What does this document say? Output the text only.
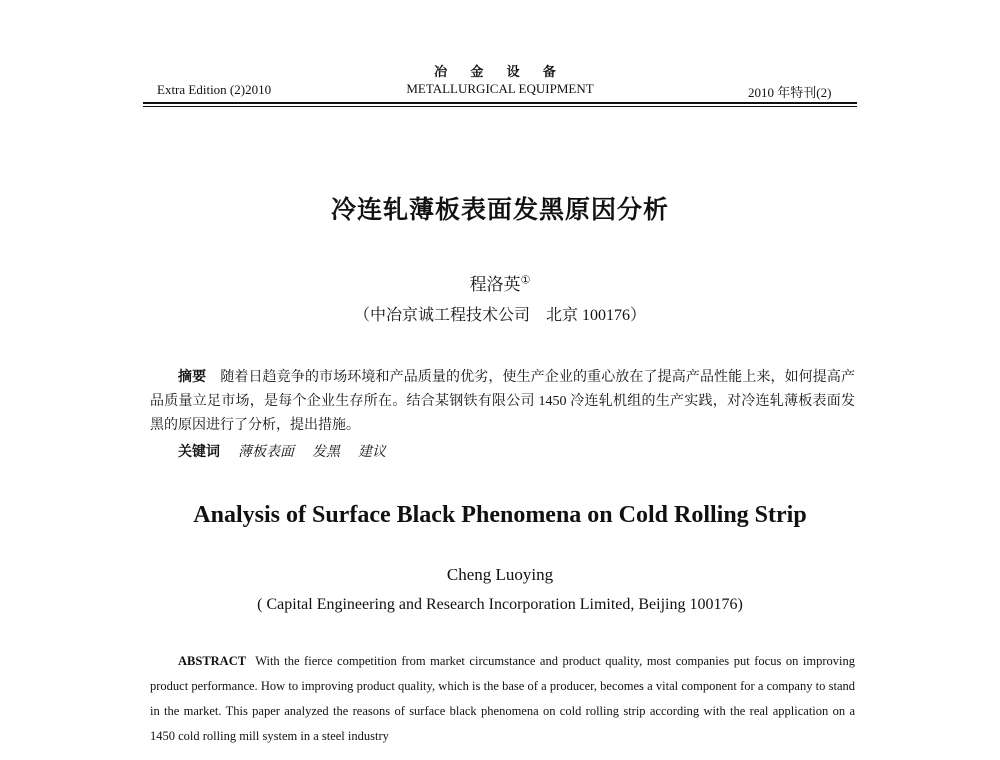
Extra Edition (2)2010
冶 金 设 备
METALLURGICAL EQUIPMENT	2010 年特刊(2)
冷连轧薄板表面发黑原因分析
程洛英①
（中冶京诚工程技术公司　北京 100176）

摘要　 随着日趋竞争的市场环境和产品质量的优劣，使生产企业的重心放在了提高产品性能上来，如何提高产品质量立足市场，是每个企业生存所在。结合某钢铁有限公司 1450 冷连轧机组的生产实践，对冷连轧薄板表面发黑的原因进行了分析，提出措施。

关键词 薄板表面 发黑 建议
Analysis of Surface Black Phenomena on Cold Rolling Strip
Cheng Luoying
( Capital Engineering and Research Incorporation Limited, Beijing 100176)

ABSTRACT With the fierce competition from market circumstance and product quality, most companies put focus on improving product performance. How to improving product quality, which is the base of a producer, becomes a vital component for a company to stand in the market. This paper analyzed the reasons of surface black phenomena on cold rolling strip according with the real application on a 1450 cold rolling mill system in a steel industry
